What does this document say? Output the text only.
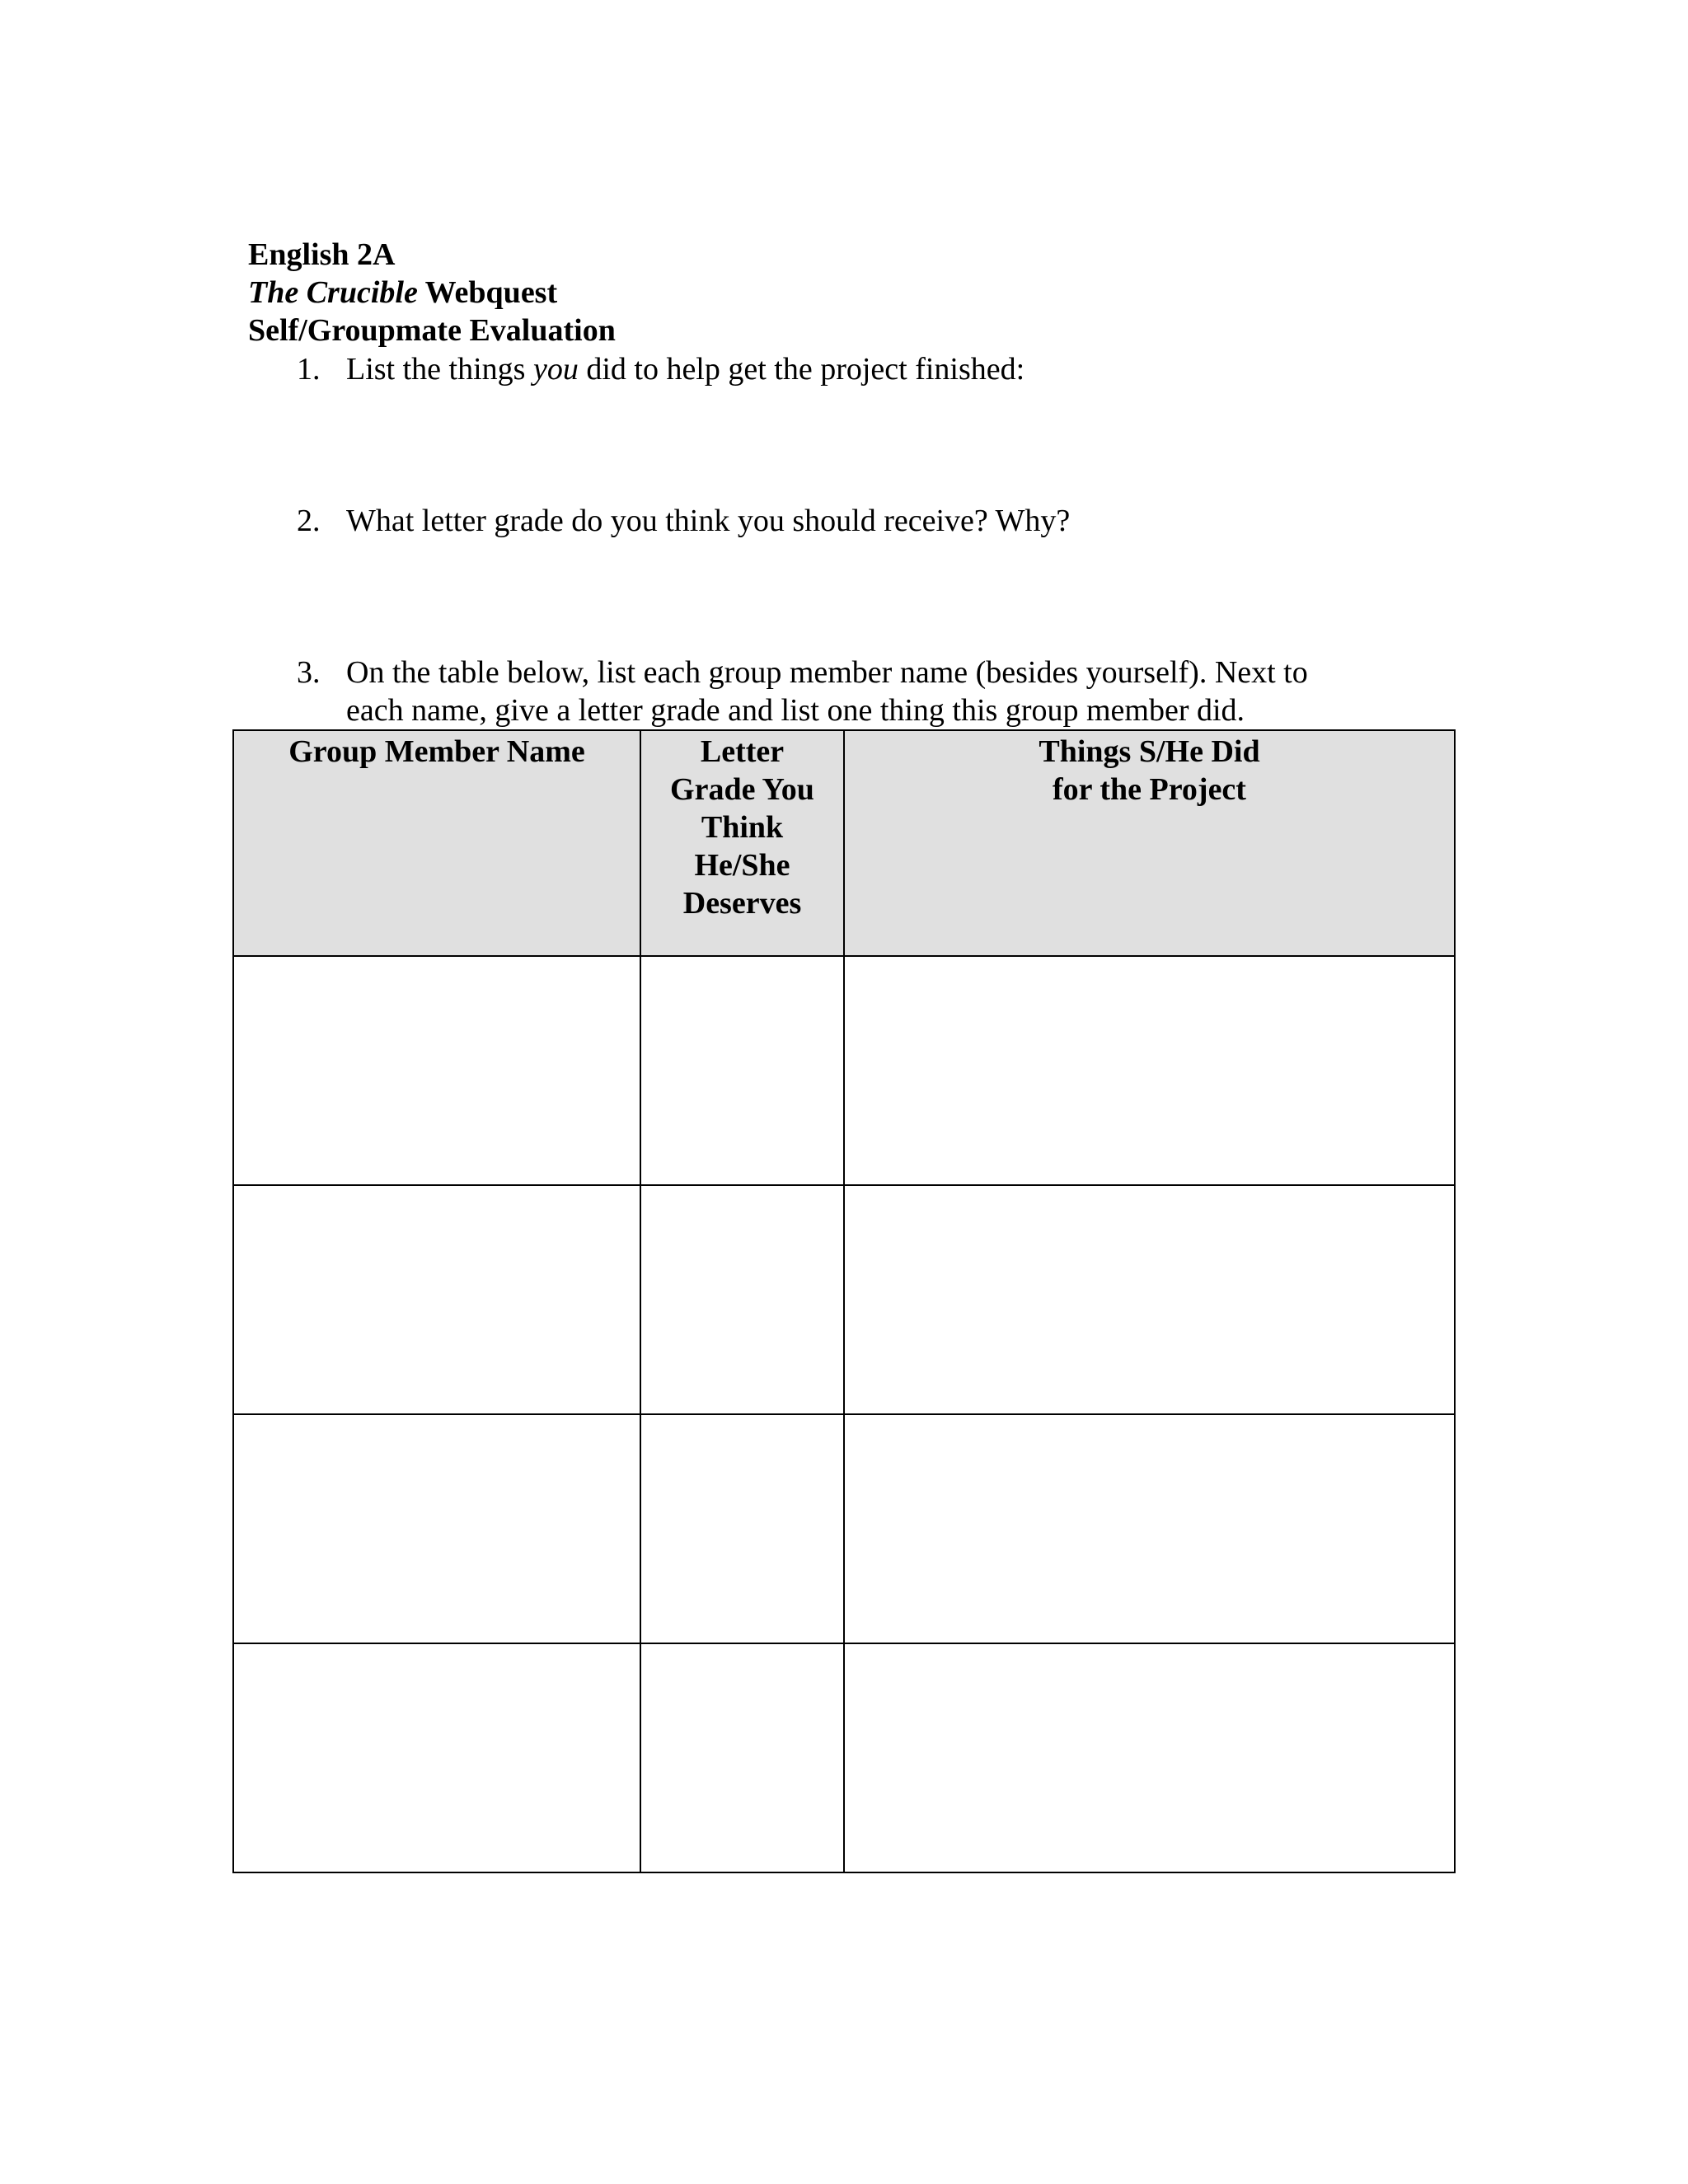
English 2A
The Crucible Webquest
Self/Groupmate Evaluation
1. List the things you did to help get the project finished:
2. What letter grade do you think you should receive? Why?
3. On the table below, list each group member name (besides yourself). Next to
each name, give a letter grade and list one thing this group member did.
Group Member Name	Letter Grade You Think He/She Deserves	Things S/He Did for the Project
